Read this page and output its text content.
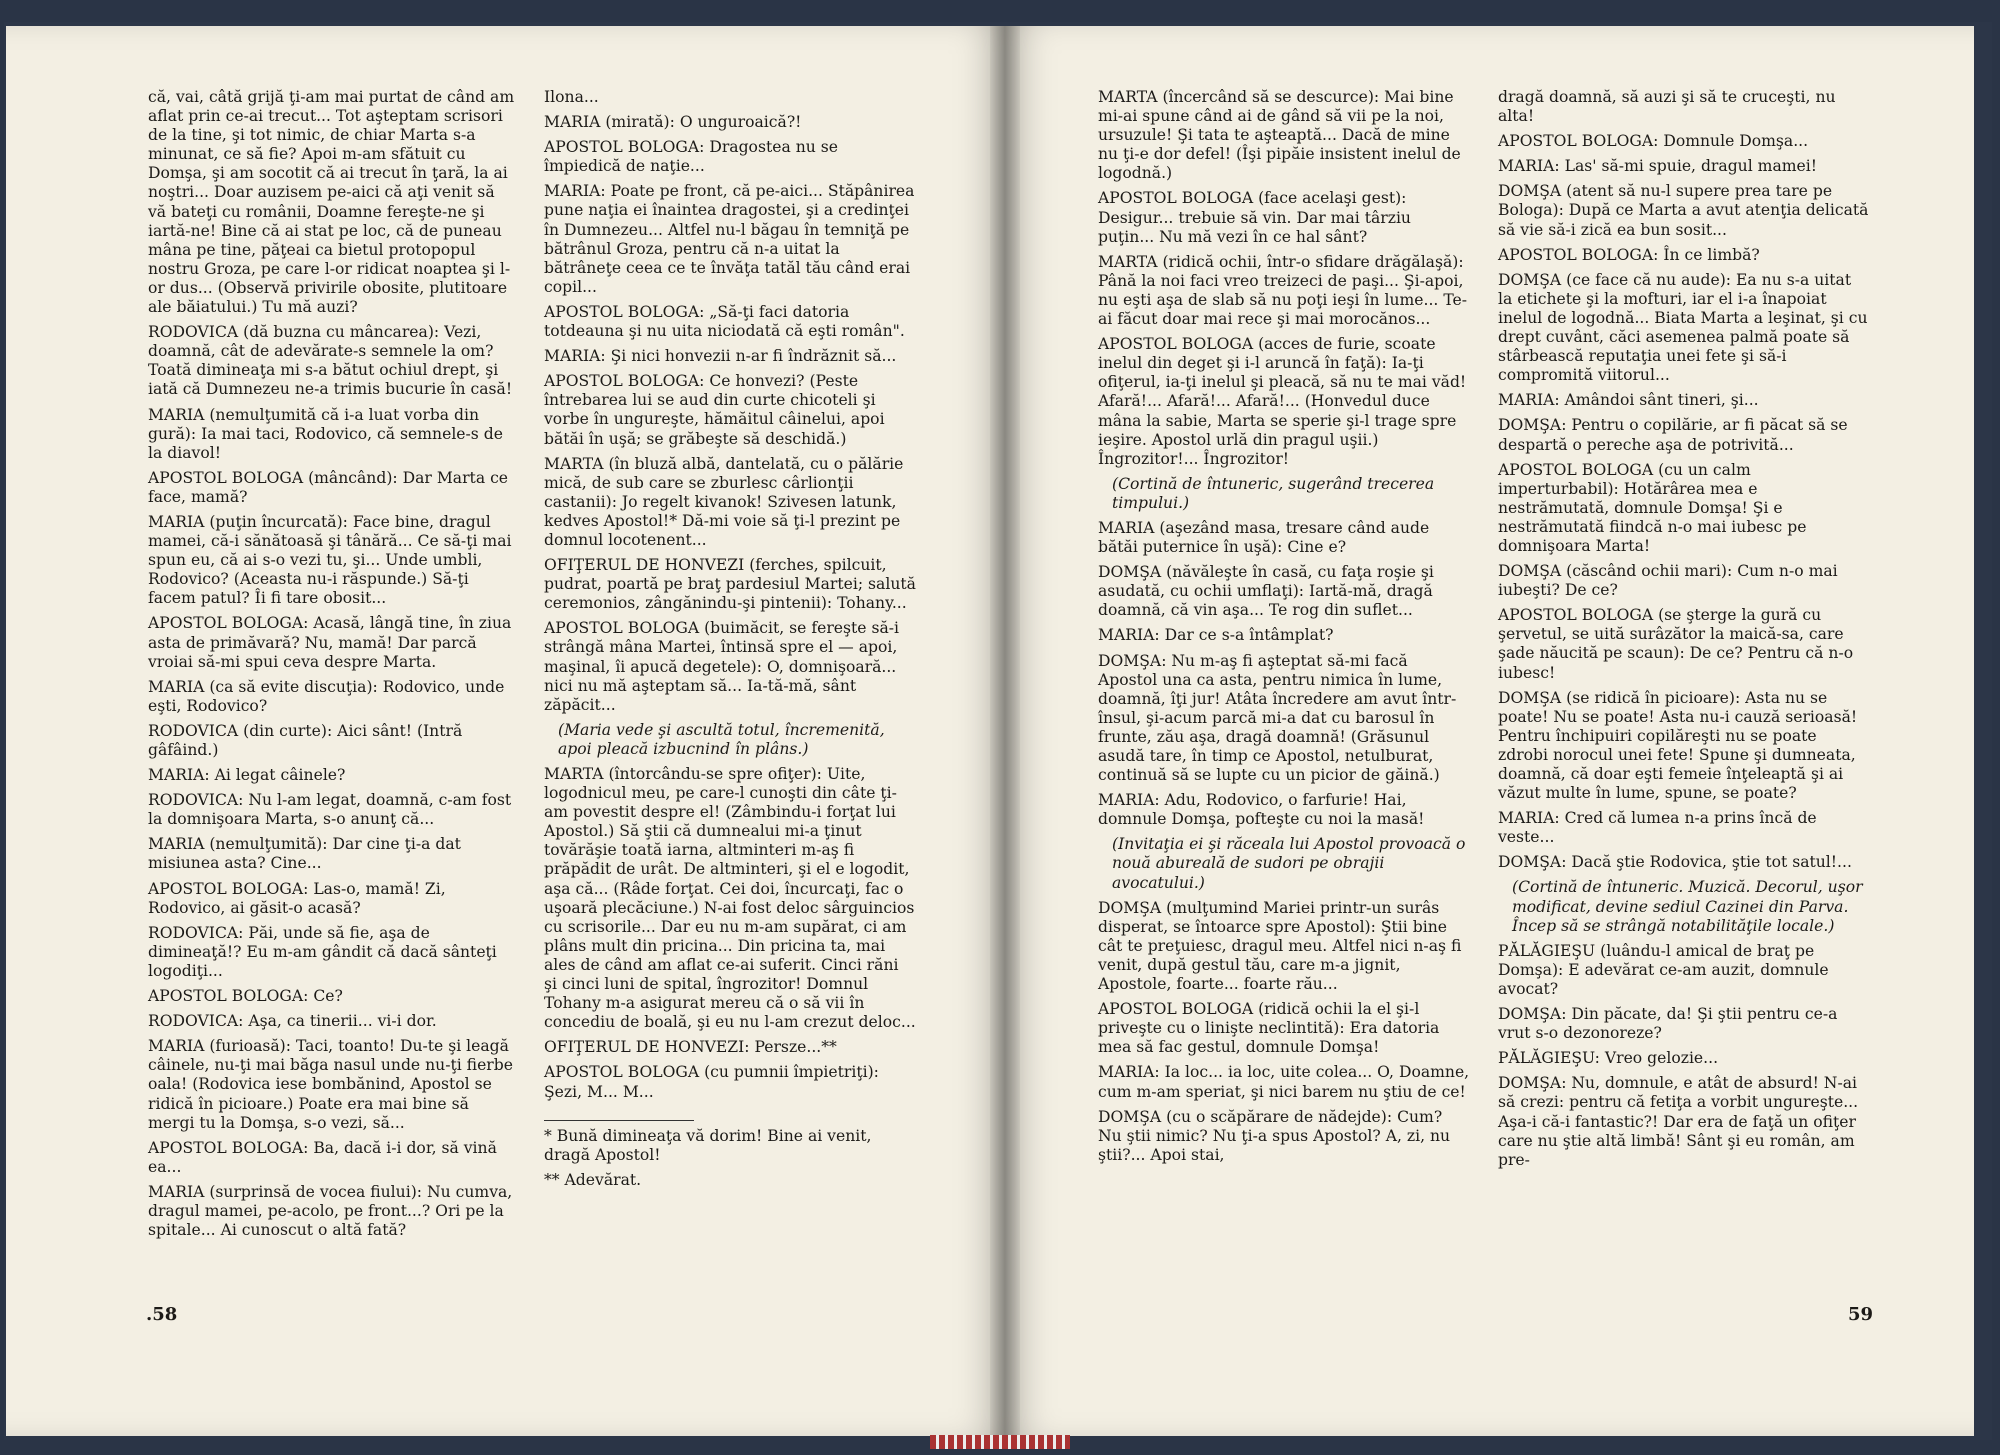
că, vai, câtă grijă ţi-am mai purtat de când am aflat prin ce-ai trecut... Tot aşteptam scrisori de la tine, şi tot nimic, de chiar Marta s-a minunat, ce să fie? Apoi m-am sfătuit cu Domşa, şi am socotit că ai trecut în ţară, la ai noştri... Doar auzisem pe-aici că aţi venit să vă bateţi cu românii, Doamne fereşte-ne şi iartă-ne! Bine că ai stat pe loc, că de puneau mâna pe tine, păţeai ca bietul protopopul nostru Groza, pe care l-or ridicat noaptea şi l-or dus... (Observă privirile obosite, plutitoare ale băiatului.) Tu mă auzi?

RODOVICA (dă buzna cu mâncarea): Vezi, doamnă, cât de adevărate-s semnele la om? Toată dimineaţa mi s-a bătut ochiul drept, şi iată că Dumnezeu ne-a trimis bucurie în casă!

MARIA (nemulţumită că i-a luat vorba din gură): Ia mai taci, Rodovico, că semnele-s de la diavol!

APOSTOL BOLOGA (mâncând): Dar Marta ce face, mamă?

MARIA (puţin încurcată): Face bine, dragul mamei, că-i sănătoasă şi tânără... Ce să-ţi mai spun eu, că ai s-o vezi tu, şi... Unde umbli, Rodovico? (Aceasta nu-i răspunde.) Să-ţi facem patul? Îi fi tare obosit...

APOSTOL BOLOGA: Acasă, lângă tine, în ziua asta de primăvară? Nu, mamă! Dar parcă vroiai să-mi spui ceva despre Marta.

MARIA (ca să evite discuţia): Rodovico, unde eşti, Rodovico?

RODOVICA (din curte): Aici sânt! (Intră gâfâind.)

MARIA: Ai legat câinele?

RODOVICA: Nu l-am legat, doamnă, c-am fost la domnişoara Marta, s-o anunţ că...

MARIA (nemulţumită): Dar cine ţi-a dat misiunea asta? Cine...

APOSTOL BOLOGA: Las-o, mamă! Zi, Rodovico, ai găsit-o acasă?

RODOVICA: Păi, unde să fie, aşa de dimineaţă!? Eu m-am gândit că dacă sânteţi logodiţi...

APOSTOL BOLOGA: Ce?

RODOVICA: Aşa, ca tinerii... vi-i dor.

MARIA (furioasă): Taci, toanto! Du-te şi leagă câinele, nu-ţi mai băga nasul unde nu-ţi fierbe oala! (Rodovica iese bombănind, Apostol se ridică în picioare.) Poate era mai bine să mergi tu la Domşa, s-o vezi, să...

APOSTOL BOLOGA: Ba, dacă i-i dor, să vină ea...

MARIA (surprinsă de vocea fiului): Nu cumva, dragul mamei, pe-acolo, pe front...? Ori pe la spitale... Ai cunoscut o altă fată?

Ilona...

MARIA (mirată): O unguroaică?!

APOSTOL BOLOGA: Dragostea nu se împiedică de naţie...

MARIA: Poate pe front, că pe-aici... Stăpânirea pune naţia ei înaintea dragostei, şi a credinţei în Dumnezeu... Altfel nu-l băgau în temniţă pe bătrânul Groza, pentru că n-a uitat la bătrâneţe ceea ce te învăţa tatăl tău când erai copil...

APOSTOL BOLOGA: „Să-ţi faci datoria totdeauna şi nu uita niciodată că eşti român".

MARIA: Şi nici honvezii n-ar fi îndrăznit să...

APOSTOL BOLOGA: Ce honvezi? (Peste întrebarea lui se aud din curte chicoteli şi vorbe în ungureşte, hămăitul câinelui, apoi bătăi în uşă; se grăbeşte să deschidă.)

MARTA (în bluză albă, dantelată, cu o pălărie mică, de sub care se zburlesc cârlionţii castanii): Jo regelt kivanok! Szivesen latunk, kedves Apostol!* Dă-mi voie să ţi-l prezint pe domnul locotenent...

OFIŢERUL DE HONVEZI (ferches, spilcuit, pudrat, poartă pe braţ pardesiul Martei; salută ceremonios, zângănindu-şi pintenii): Tohany...

APOSTOL BOLOGA (buimăcit, se fereşte să-i strângă mâna Martei, întinsă spre el — apoi, maşinal, îi apucă degetele): O, domnişoară... nici nu mă aşteptam să... Ia-tă-mă, sânt zăpăcit...

(Maria vede şi ascultă totul, încremenită, apoi pleacă izbucnind în plâns.)

MARTA (întorcându-se spre ofiţer): Uite, logodnicul meu, pe care-l cunoşti din câte ţi-am povestit despre el! (Zâmbindu-i forţat lui Apostol.) Să ştii că dumnealui mi-a ţinut tovărăşie toată iarna, altminteri m-aş fi prăpădit de urât. De altminteri, şi el e logodit, aşa că... (Râde forţat. Cei doi, încurcaţi, fac o uşoară plecăciune.) N-ai fost deloc sârguincios cu scrisorile... Dar eu nu m-am supărat, ci am plâns mult din pricina... Din pricina ta, mai ales de când am aflat ce-ai suferit. Cinci răni şi cinci luni de spital, îngrozitor! Domnul Tohany m-a asigurat mereu că o să vii în concediu de boală, şi eu nu l-am crezut deloc...

OFIŢERUL DE HONVEZI: Persze...**

APOSTOL BOLOGA (cu pumnii împietriţi): Şezi, M... M...

* Bună dimineaţa vă dorim! Bine ai venit, dragă Apostol!

** Adevărat.

MARTA (încercând să se descurce): Mai bine mi-ai spune când ai de gând să vii pe la noi, ursuzule! Şi tata te aşteaptă... Dacă de mine nu ţi-e dor defel! (Îşi pipăie insistent inelul de logodnă.)

APOSTOL BOLOGA (face acelaşi gest): Desigur... trebuie să vin. Dar mai târziu puţin... Nu mă vezi în ce hal sânt?

MARTA (ridică ochii, într-o sfidare drăgălaşă): Până la noi faci vreo treizeci de paşi... Şi-apoi, nu eşti aşa de slab să nu poţi ieşi în lume... Te-ai făcut doar mai rece şi mai morocănos...

APOSTOL BOLOGA (acces de furie, scoate inelul din deget şi i-l aruncă în faţă): Ia-ţi ofiţerul, ia-ţi inelul şi pleacă, să nu te mai văd! Afară!... Afară!... Afară!... (Honvedul duce mâna la sabie, Marta se sperie şi-l trage spre ieşire. Apostol urlă din pragul uşii.) Îngrozitor!... Îngrozitor!

(Cortină de întuneric, sugerând trecerea timpului.)

MARIA (aşezând masa, tresare când aude bătăi puternice în uşă): Cine e?

DOMŞA (năvăleşte în casă, cu faţa roşie şi asudată, cu ochii umflaţi): Iartă-mă, dragă doamnă, că vin aşa... Te rog din suflet...

MARIA: Dar ce s-a întâmplat?

DOMŞA: Nu m-aş fi aşteptat să-mi facă Apostol una ca asta, pentru nimica în lume, doamnă, îţi jur! Atâta încredere am avut într-însul, şi-acum parcă mi-a dat cu barosul în frunte, zău aşa, dragă doamnă! (Grăsunul asudă tare, în timp ce Apostol, netulburat, continuă să se lupte cu un picior de găină.)

MARIA: Adu, Rodovico, o farfurie! Hai, domnule Domşa, pofteşte cu noi la masă!

(Invitaţia ei şi răceala lui Apostol provoacă o nouă abureală de sudori pe obrajii avocatului.)

DOMŞA (mulţumind Mariei printr-un surâs disperat, se întoarce spre Apostol): Ştii bine cât te preţuiesc, dragul meu. Altfel nici n-aş fi venit, după gestul tău, care m-a jignit, Apostole, foarte... foarte rău...

APOSTOL BOLOGA (ridică ochii la el şi-l priveşte cu o linişte neclintită): Era datoria mea să fac gestul, domnule Domşa!

MARIA: Ia loc... ia loc, uite colea... O, Doamne, cum m-am speriat, şi nici barem nu ştiu de ce!

DOMŞA (cu o scăpărare de nădejde): Cum? Nu ştii nimic? Nu ţi-a spus Apostol? A, zi, nu ştii?... Apoi stai,

dragă doamnă, să auzi şi să te cruceşti, nu alta!

APOSTOL BOLOGA: Domnule Domşa...

MARIA: Las' să-mi spuie, dragul mamei!

DOMŞA (atent să nu-l supere prea tare pe Bologa): După ce Marta a avut atenţia delicată să vie să-i zică ea bun sosit...

APOSTOL BOLOGA: În ce limbă?

DOMŞA (ce face că nu aude): Ea nu s-a uitat la etichete şi la mofturi, iar el i-a înapoiat inelul de logodnă... Biata Marta a leşinat, şi cu drept cuvânt, căci asemenea palmă poate să stârbească reputaţia unei fete şi să-i compromită viitorul...

MARIA: Amândoi sânt tineri, şi...

DOMŞA: Pentru o copilărie, ar fi păcat să se despartă o pereche aşa de potrivită...

APOSTOL BOLOGA (cu un calm imperturbabil): Hotărârea mea e nestrămutată, domnule Domşa! Şi e nestrămutată fiindcă n-o mai iubesc pe domnişoara Marta!

DOMŞA (căscând ochii mari): Cum n-o mai iubeşti? De ce?

APOSTOL BOLOGA (se şterge la gură cu şervetul, se uită surâzător la maică-sa, care şade năucită pe scaun): De ce? Pentru că n-o iubesc!

DOMŞA (se ridică în picioare): Asta nu se poate! Nu se poate! Asta nu-i cauză serioasă! Pentru închipuiri copilăreşti nu se poate zdrobi norocul unei fete! Spune şi dumneata, doamnă, că doar eşti femeie înţeleaptă şi ai văzut multe în lume, spune, se poate?

MARIA: Cred că lumea n-a prins încă de veste...

DOMŞA: Dacă ştie Rodovica, ştie tot satul!...

(Cortină de întuneric. Muzică. Decorul, uşor modificat, devine sediul Cazinei din Parva. Încep să se strângă notabilităţile locale.)

PĂLĂGIEŞU (luându-l amical de braţ pe Domşa): E adevărat ce-am auzit, domnule avocat?

DOMŞA: Din păcate, da! Şi ştii pentru ce-a vrut s-o dezonoreze?

PĂLĂGIEŞU: Vreo gelozie...

DOMŞA: Nu, domnule, e atât de absurd! N-ai să crezi: pentru că fetiţa a vorbit ungureşte... Aşa-i că-i fantastic?! Dar era de faţă un ofiţer care nu ştie altă limbă! Sânt şi eu român, am pre-

.58	59
